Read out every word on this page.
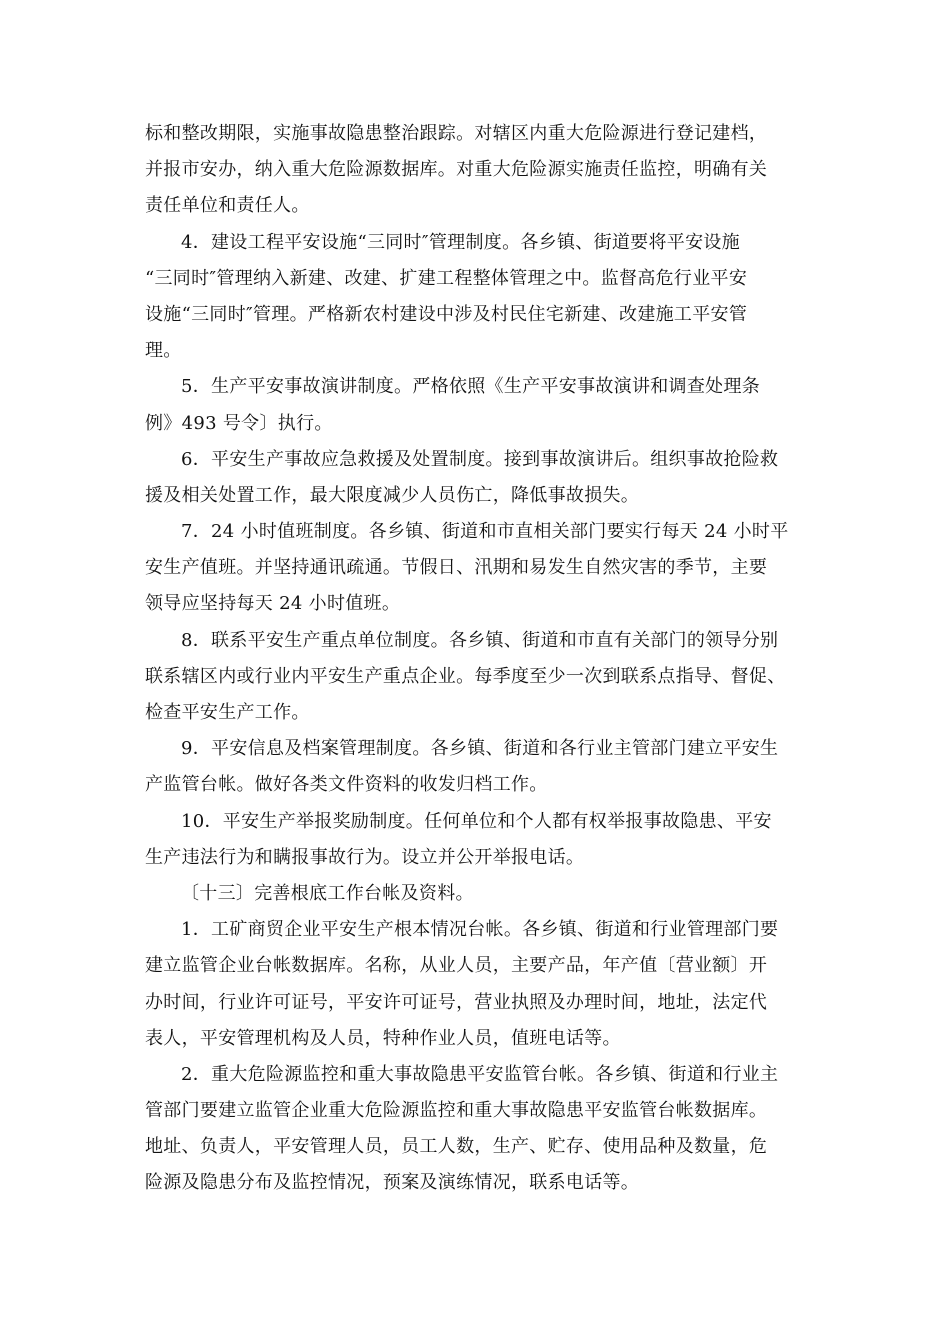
标和整改期限，实施事故隐患整治跟踪。对辖区内重大危险源进行登记建档，
并报市安办，纳入重大危险源数据库。对重大危险源实施责任监控，明确有关
责任单位和责任人。
4．建设工程平安设施“三同时″管理制度。各乡镇、街道要将平安设施
“三同时″管理纳入新建、改建、扩建工程整体管理之中。监督高危行业平安
设施“三同时″管理。严格新农村建设中涉及村民住宅新建、改建施工平安管
理。
5．生产平安事故演讲制度。严格依照《生产平安事故演讲和调查处理条
例》493 号令〕执行。
6．平安生产事故应急救援及处置制度。接到事故演讲后。组织事故抢险救
援及相关处置工作，最大限度减少人员伤亡，降低事故损失。
7．24 小时值班制度。各乡镇、街道和市直相关部门要实行每天 24 小时平
安生产值班。并坚持通讯疏通。节假日、汛期和易发生自然灾害的季节，主要
领导应坚持每天 24 小时值班。
8．联系平安生产重点单位制度。各乡镇、街道和市直有关部门的领导分别
联系辖区内或行业内平安生产重点企业。每季度至少一次到联系点指导、督促、
检查平安生产工作。
9．平安信息及档案管理制度。各乡镇、街道和各行业主管部门建立平安生
产监管台帐。做好各类文件资料的收发归档工作。
10．平安生产举报奖励制度。任何单位和个人都有权举报事故隐患、平安
生产违法行为和瞒报事故行为。设立并公开举报电话。
〔十三〕完善根底工作台帐及资料。
1．工矿商贸企业平安生产根本情况台帐。各乡镇、街道和行业管理部门要
建立监管企业台帐数据库。名称，从业人员，主要产品，年产值〔营业额〕开
办时间，行业许可证号，平安许可证号，营业执照及办理时间，地址，法定代
表人，平安管理机构及人员，特种作业人员，值班电话等。
2．重大危险源监控和重大事故隐患平安监管台帐。各乡镇、街道和行业主
管部门要建立监管企业重大危险源监控和重大事故隐患平安监管台帐数据库。
地址、负责人，平安管理人员，员工人数，生产、贮存、使用品种及数量，危
险源及隐患分布及监控情况，预案及演练情况，联系电话等。
